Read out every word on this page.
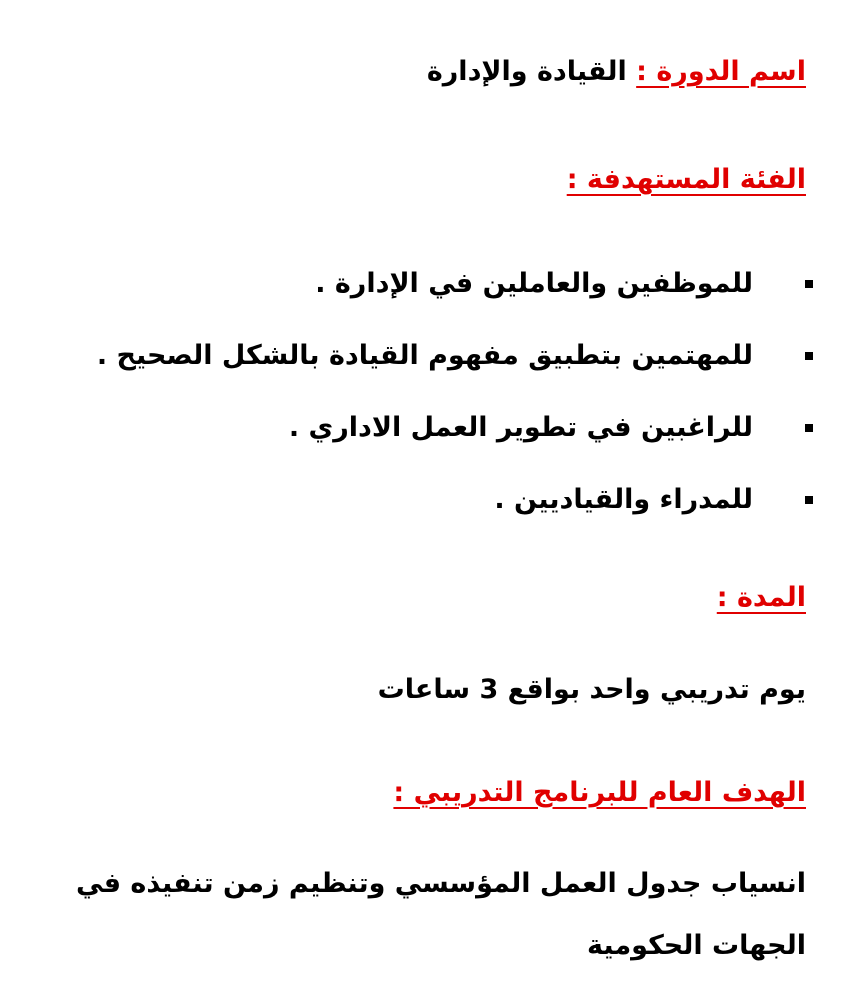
اسم الدورة : القيادة والإدارة
الفئة المستهدفة :
للموظفين والعاملين في الإدارة .
للمهتمين بتطبيق مفهوم القيادة بالشكل الصحيح .
للراغبين في تطوير العمل الاداري .
للمدراء والقياديين .
المدة :
يوم تدريبي واحد بواقع 3 ساعات
الهدف العام للبرنامج التدريبي :
انسياب جدول العمل المؤسسي وتنظيم زمن تنفيذه في
الجهات الحكومية
